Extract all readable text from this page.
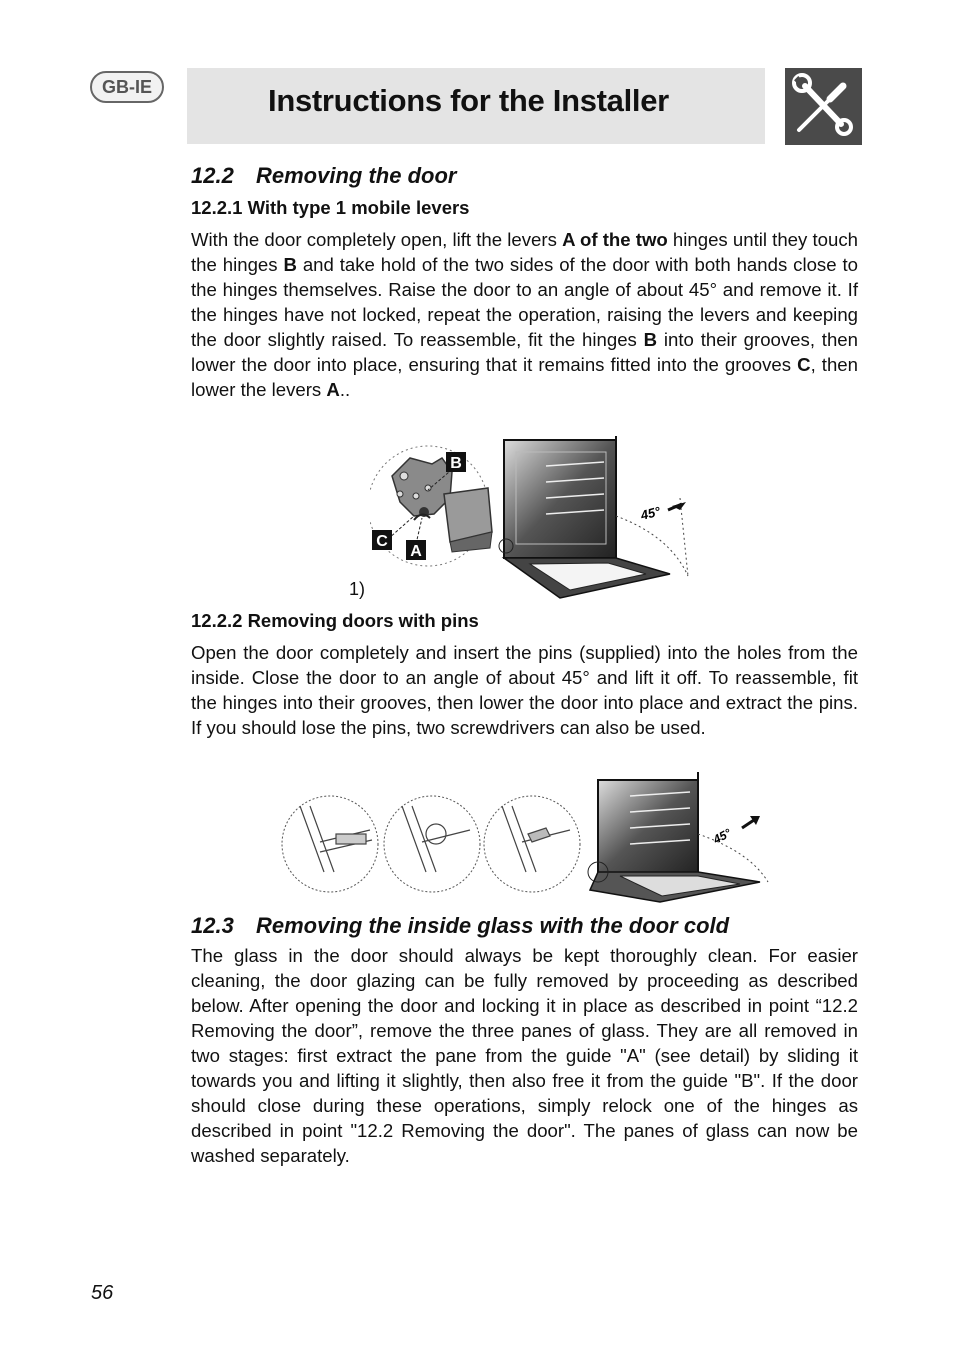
GB-IE	Instructions for the Installer
12.2 Removing the door
12.2.1 With type 1 mobile levers
With the door completely open, lift the levers A of the two hinges until they touch the hinges B and take hold of the two sides of the door with both hands close to the hinges themselves. Raise the door to an angle of about 45° and remove it. If the hinges have not locked, repeat the operation, raising the levers and keeping the door slightly raised. To reassemble, fit the hinges B into their grooves, then lower the door into place, ensuring that it remains fitted into the grooves C, then lower the levers A..
B
C
A
45°
1)
12.2.2 Removing doors with pins
Open the door completely and insert the pins (supplied) into the holes from the inside. Close the door to an angle of about 45° and lift it off. To reassemble, fit the hinges into their grooves, then lower the door into place and extract the pins. If you should lose the pins, two screwdrivers can also be used.
45°
12.3 Removing the inside glass with the door cold
The glass in the door should always be kept thoroughly clean. For easier cleaning, the door glazing can be fully removed by proceeding as described below. After opening the door and locking it in place as described in point “12.2 Removing the door”, remove the three panes of glass. They are all removed in two stages: first extract the pane from the guide "A" (see detail) by sliding it towards you and lifting it slightly, then also free it from the guide "B". If the door should close during these operations, simply relock one of the hinges as described in point "12.2 Removing the door". The panes of glass can now be washed separately.
56
